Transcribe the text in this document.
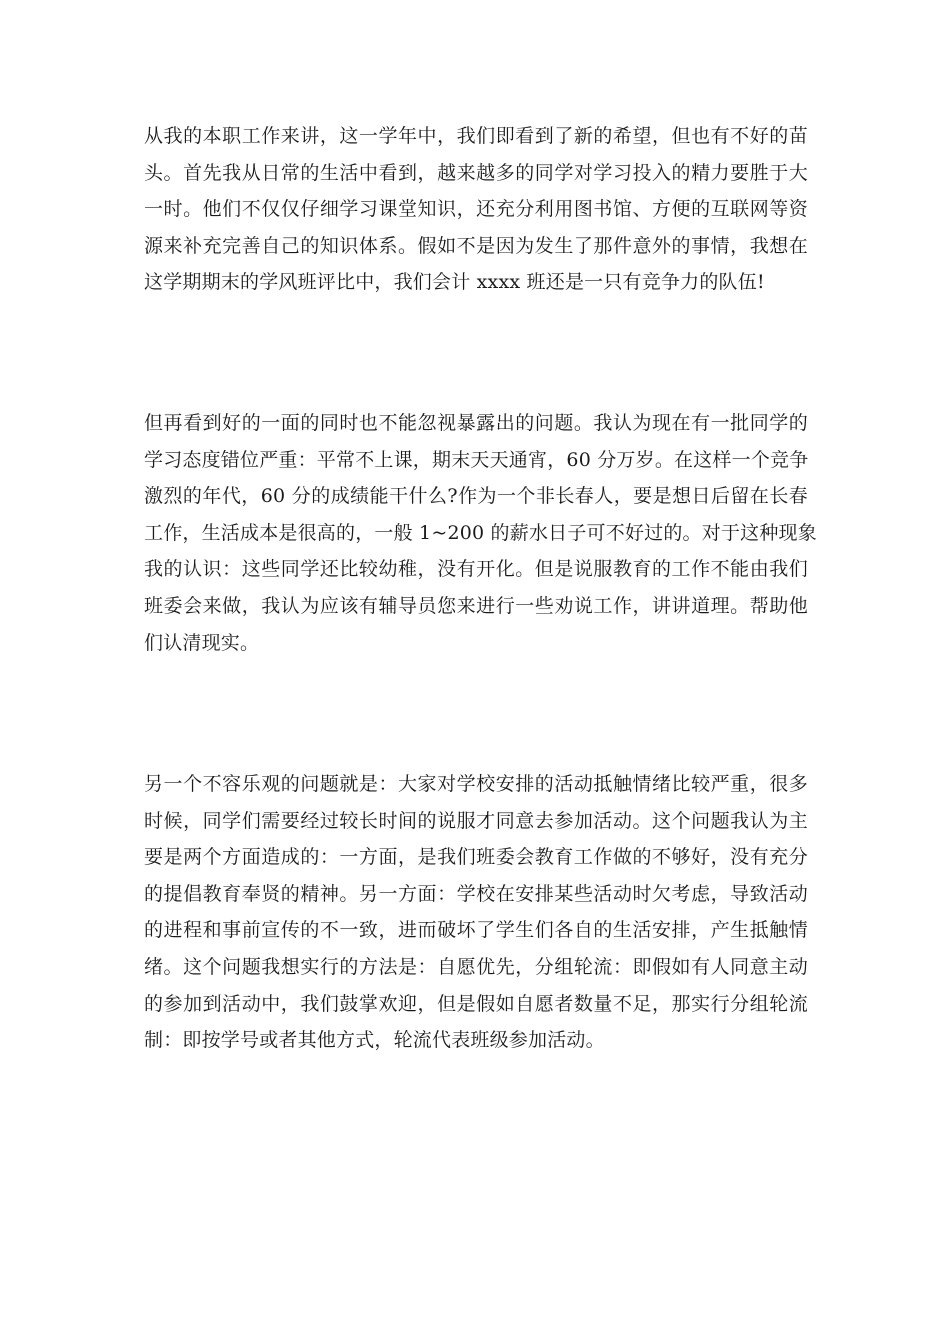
从我的本职工作来讲，这一学年中，我们即看到了新的希望，但也有不好的苗
头。首先我从日常的生活中看到，越来越多的同学对学习投入的精力要胜于大
一时。他们不仅仅仔细学习课堂知识，还充分利用图书馆、方便的互联网等资
源来补充完善自己的知识体系。假如不是因为发生了那件意外的事情，我想在
这学期期末的学风班评比中，我们会计 xxxx 班还是一只有竞争力的队伍!
但再看到好的一面的同时也不能忽视暴露出的问题。我认为现在有一批同学的
学习态度错位严重：平常不上课，期末天天通宵，60 分万岁。在这样一个竞争
激烈的年代，60 分的成绩能干什么?作为一个非长春人，要是想日后留在长春
工作，生活成本是很高的，一般 1~200 的薪水日子可不好过的。对于这种现象
我的认识：这些同学还比较幼稚，没有开化。但是说服教育的工作不能由我们
班委会来做，我认为应该有辅导员您来进行一些劝说工作，讲讲道理。帮助他
们认清现实。
另一个不容乐观的问题就是：大家对学校安排的活动抵触情绪比较严重，很多
时候，同学们需要经过较长时间的说服才同意去参加活动。这个问题我认为主
要是两个方面造成的：一方面，是我们班委会教育工作做的不够好，没有充分
的提倡教育奉贤的精神。另一方面：学校在安排某些活动时欠考虑，导致活动
的进程和事前宣传的不一致，进而破坏了学生们各自的生活安排，产生抵触情
绪。这个问题我想实行的方法是：自愿优先，分组轮流：即假如有人同意主动
的参加到活动中，我们鼓掌欢迎，但是假如自愿者数量不足，那实行分组轮流
制：即按学号或者其他方式，轮流代表班级参加活动。
